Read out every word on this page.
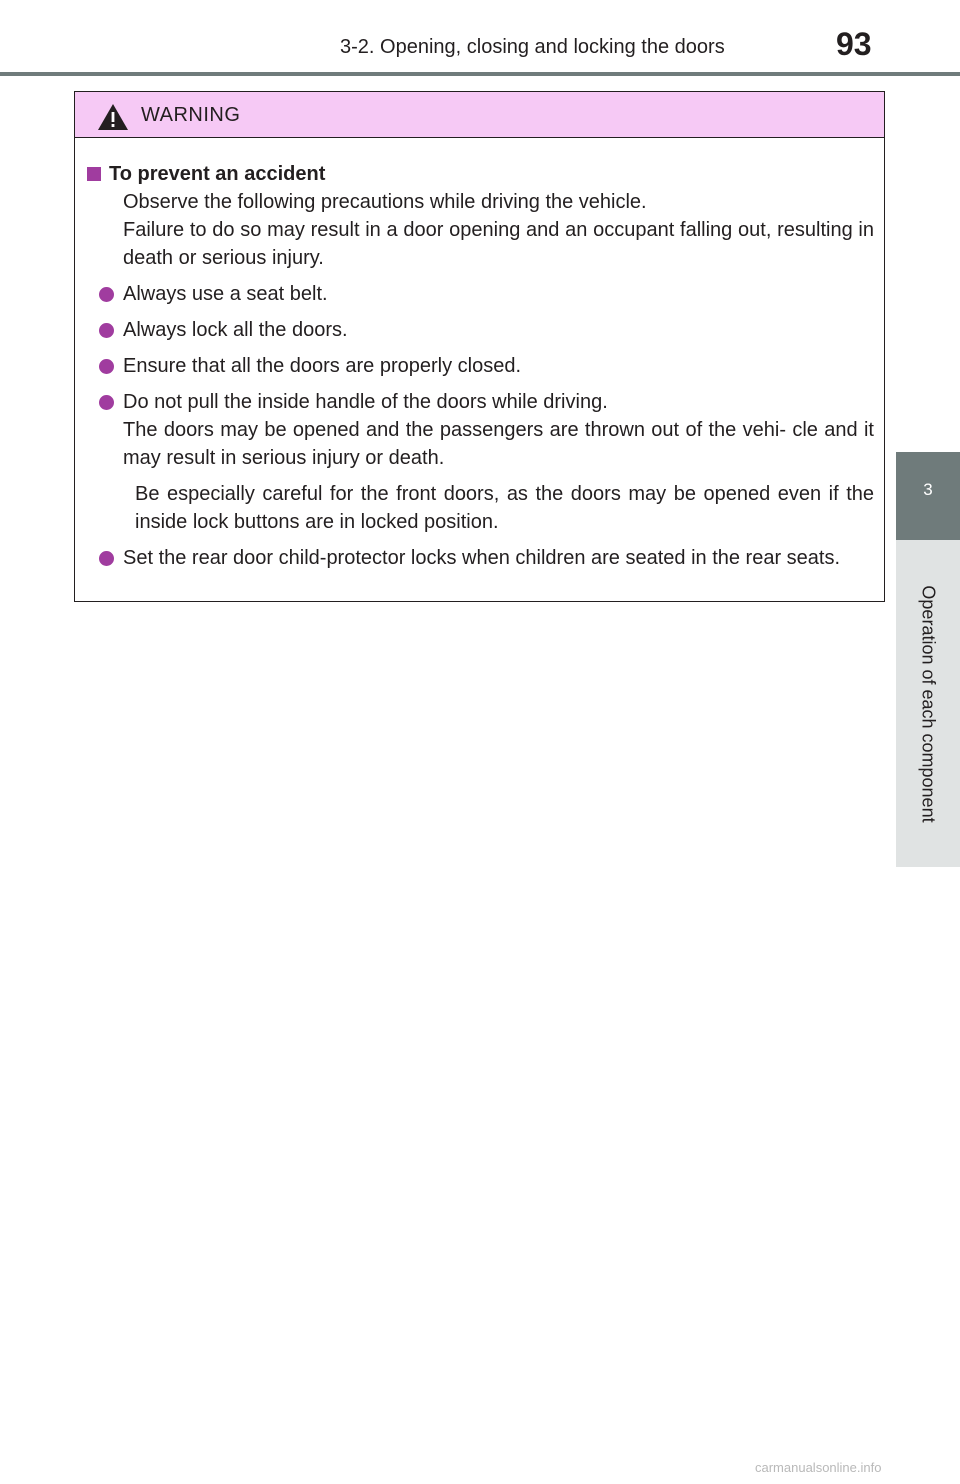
3-2. Opening, closing and locking the doors	93
3
Operation of each component
WARNING
To prevent an accident
Observe the following precautions while driving the vehicle.
Failure to do so may result in a door opening and an occupant falling out, resulting in death or serious injury.
Always use a seat belt.
Always lock all the doors.
Ensure that all the doors are properly closed.
Do not pull the inside handle of the doors while driving.
The doors may be opened and the passengers are thrown out of the vehi- cle and it may result in serious injury or death.
Be especially careful for the front doors, as the doors may be opened even if the inside lock buttons are in locked position.
Set the rear door child-protector locks when children are seated in the rear seats.
carmanualsonline.info
